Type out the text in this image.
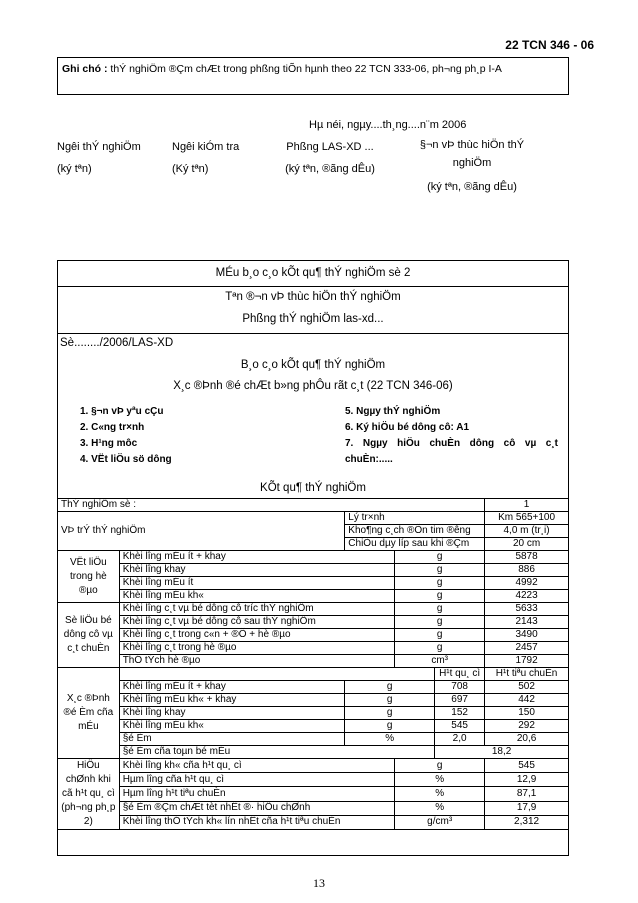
22 TCN 346 - 06
Ghi chó : thÝ nghiÖm ®Çm chÆt trong phßng tiÕn hµnh theo 22 TCN 333-06, ph¬ng ph¸p I-A
Hµ néi, ngµy....th¸ng....n¨m 2006
Ngêi thÝ nghiÖm
(ký tªn)
Ngêi kiÓm tra
(Ký tªn)
Phßng LAS-XD ...
(ký tªn, ®ãng dÊu)
§¬n vÞ thùc hiÖn thÝ nghiÖm
(ký tªn, ®ãng dÊu)
MÉu b¸o c¸o kÕt qu¶ thÝ nghiÖm sè 2
Tªn ®¬n vÞ thùc hiÖn thÝ nghiÖm
Phßng thÝ nghiÖm las-xd...
Sè......../2006/LAS-XD
B¸o c¸o kÕt qu¶ thÝ nghiÖm
X¸c ®Þnh ®é chÆt b»ng phÔu rãt c¸t (22 TCN 346-06)
1. §¬n vÞ yªu cÇu
2. C«ng tr×nh
3. H¹ng môc
4. VËt liÖu sö dông
5. Ngµy thÝ nghiÖm
6. Ký hiÖu bé dông cô: A1
7. Ngµy hiÖu chuÈn dông cô vµ c¸t chuÈn:.....
KÕt qu¶ thÝ nghiÖm
ThÝ nghiÖm sè :					1
VÞ trÝ thÝ nghiÖm		Lý tr×nh			Km 565+100
		Kho¶ng c¸ch ®Õn tim ®êng			4,0 m (tr¸i)
		ChiÒu dµy líp sau khi ®Çm			20 cm
VËt liÖu trong hè ®µo	Khèi lîng mÉu ít + khay		g		5878
	Khèi lîng khay		g		886
	Khèi lîng mÉu ít		g		4992
	Khèi lîng mÉu kh«		g		4223
Sè liÖu bé dông cô vµ c¸t chuÈn	Khèi lîng c¸t vµ bé dông cô tríc thÝ nghiÖm		g		5633
	Khèi lîng c¸t vµ bé dông cô sau thÝ nghiÖm		g		2143
	Khèi lîng c¸t trong c«n + ®Õ + hè ®µo		g		3490
	Khèi lîng c¸t trong hè ®µo		g		2457
	ThÓ tÝch hè ®µo		cm³		1792
X¸c ®Þnh ®é Èm cña mÉu				H¹t qu¸ cì	H¹t tiªu chuÈn
	Khèi lîng mÉu ít + khay	g		708	502
	Khèi lîng mÉu kh« + khay	g		697	442
	Khèi lîng khay	g		152	150
	Khèi lîng mÉu kh«	g		545	292
	§é Èm	%		2,0	20,6
	§é Èm cña toµn bé mÉu			18,2	
HiÖu chØnh khi cã h¹t qu¸ cì (ph¬ng ph¸p 2)	Khèi lîng kh« cña h¹t qu¸ cì		g		545
	Hµm lîng cña h¹t qu¸ cì		%		12,9
	Hµm lîng h¹t tiªu chuÈn		%		87,1
	§é Èm ®Çm chÆt tèt nhÊt ®· hiÖu chØnh		%		17,9
	Khèi lîng thÓ tÝch kh« lín nhÊt cña h¹t tiªu chuÈn		g/cm³		2,312
13
